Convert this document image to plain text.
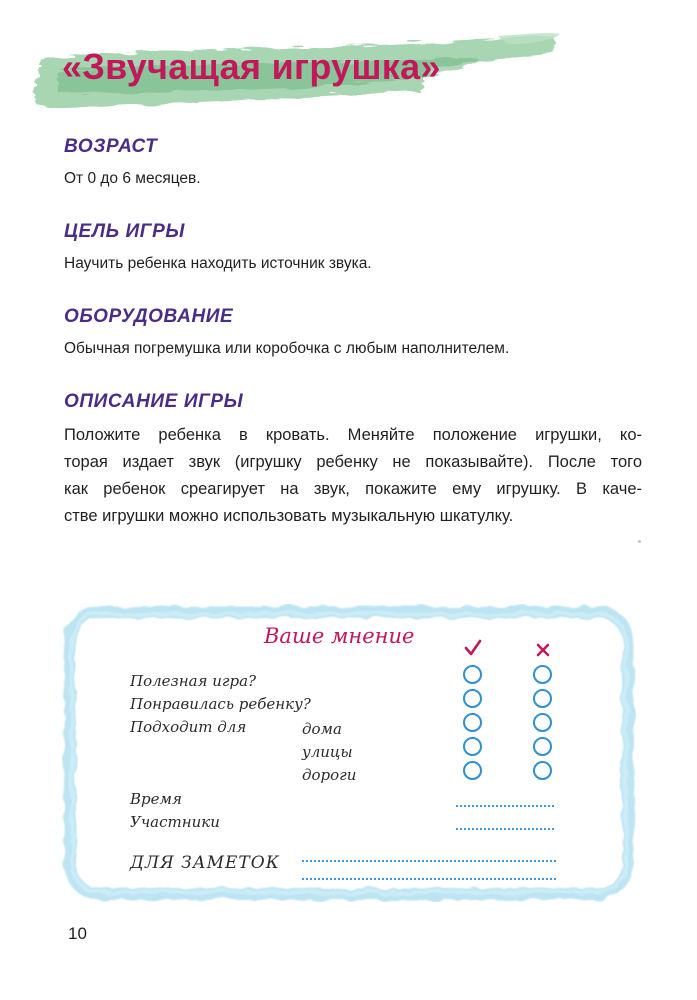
«Звучащая игрушка»
ВОЗРАСТ
От 0 до 6 месяцев.
ЦЕЛЬ ИГРЫ
Научить ребенка находить источник звука.
ОБОРУДОВАНИЕ
Обычная погремушка или коробочка с любым наполнителем.
ОПИСАНИЕ ИГРЫ
Положите ребенка в кровать. Меняйте положение игрушки, ко-
торая издает звук (игрушку ребенку не показывайте). После того
как ребенок среагирует на звук, покажите ему игрушку. В каче-
стве игрушки можно использовать музыкальную шкатулку.
Ваше мнение
Полезная игра?
Понравилась ребенку?
Подходит для	дома
улицы
дороги
Время
Участники
ДЛЯ ЗАМЕТОК
10
